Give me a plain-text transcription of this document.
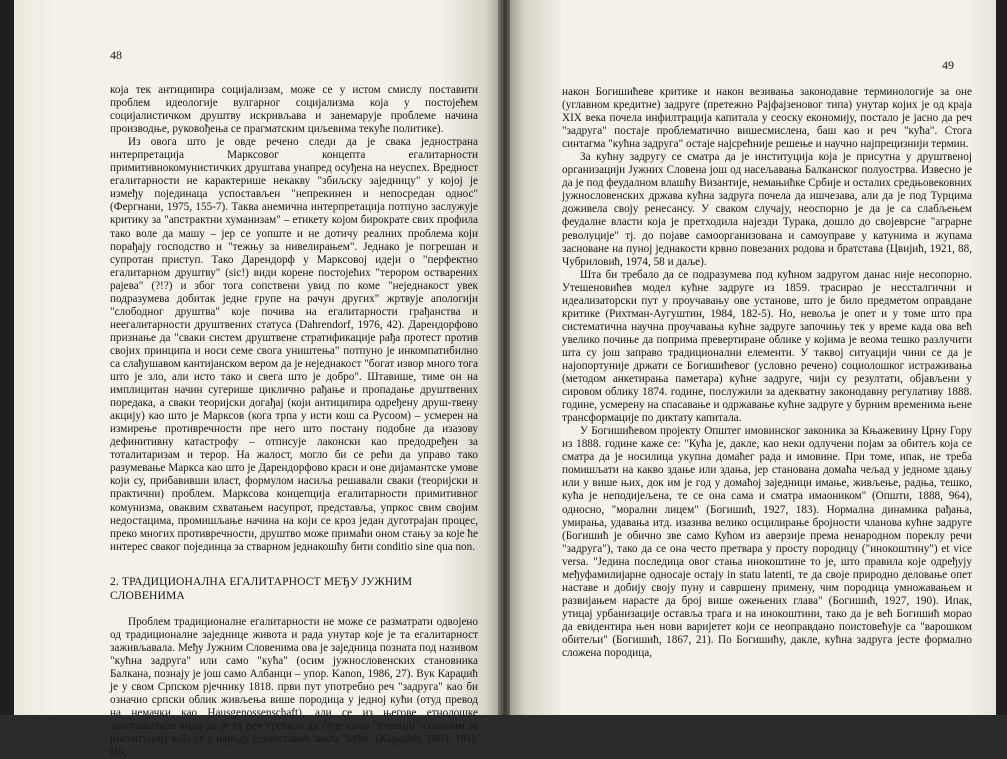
48

која тек антиципира социјализам, може се у истом смислу поставити проблем идеологије вулгарног социјализма која у постојећем социјалистичком друштву искривљава и занемарује проблеме начина производње, руковођења се прагматским циљевима текуће политике).

Из овога што је овде речено следи да је свака једнострана интерпретација Марксовог концепта егалитарности примитивнокомунистичких друштава унапред осуђена на неуспех. Вредност егалитарности не карактерише некакву "збиљску заједницу" у којој је између појединаца успостављен "непрекинен и непосредан однос" (Фергнани, 1975, 155-7). Таква анемична интерпретација потпуно заслужује критику за "апстрактни хуманизам" – етикету којом бирократе свих профила тако воле да машу – јер се уопште и не дотичу реалних проблема који порађају господство и "тежњу за нивелирањем". Једнако је погрешан и супротан приступ. Тако Дарендорф у Марксовој идеји о "перфектно егалитарном друштву" (sic!) види корене постојећих "терором остварених рајева" (?!?) и због тога сопствени увид по коме "неједнакост увек подразумева добитак једне групе на рачун других" жртвује апологији "слободног друштва" које почива на егалитарности грађанства и неегалитарности друштвених статуса (Dahrendorf, 1976, 42). Дарендорфово признање да "сваки систем друштвене стратификације рађа протест против својих принципа и носи семе свога уништења" потпуно је инкомпатибилно са слађушавом кантијанском вером да је неједнакост "богат извор много тога што је зло, али исто тако и свега што је добро". Штавише, тиме он на имплицитан начин сугерише циклично рађање и пропадање друштвених поредака, а сваки теоријски догађај (који антиципира одређену друш-твену акцију) као што је Марксов (кога трпа у исти кош са Русоом) – усмерен на измирење противречности пре него што постану подобне да изазову дефинитивну катастрофу – отписује лаконски као предодређен за тоталитаризам и терор. На жалост, могло би се рећи да управо тако разумевање Маркса као што је Дарендорфово краси и оне дијамантске умове који су, прибавивши власт, формулом насиља решавали сваки (теоријски и практични) проблем. Марксова концепција егалитарности примитивног комунизма, оваквим схватањем насупрот, представља, упркос свим својим недостацима, промишљање начина на који се кроз један дуготрајан процес, преко многих противречности, друштво може примаћи оном стању за које ће интерес сваког појединца за стварном једнакошћу бити conditio sine qua non.

2. ТРАДИЦИОНАЛНА ЕГАЛИТАРНОСТ МЕЂУ ЈУЖНИМ СЛОВЕНИМА

Проблем традиционалне егалитарности не може се разматрати одвојено од традиционалне заједнице живота и рада унутар које је та егалитарност заживљавала. Међу Јужним Словенима ова је заједница позната под називом "кућна задруга" или само "кућа" (осим јужнословенских становника Балкана, познају је још само Албанци – упор. Kanon, 1986, 27). Вук Караџић је у свом Српском рјечнику 1818. први пут употребио реч "задруга" као би означио српски облик живљења више породица у једној кући (отуд превод на немачки као Hausgenossenschaft), али се из његове етнолошке заоставштине види да је та реч требало да буде само "ученији" синоним за институцију која се у народу једноставно звала "кућа" (Караџић, 1969, 191). Но,

49

након Богишићеве критике и након везивања законодавне терминологије за оне (углавном кредитне) задруге (претежно Рајфајзеновог типа) унутар којих је од краја XIX века почела инфилтрација капитала у сеоску економију, постало је јасно да реч "задруга" постаје проблематично вишесмислена, баш као и реч "кућа". Стога синтагма "кућна задруга" остаје најсрећније решење и научно најпрецизнији термин.

За кућну задругу се сматра да је институција која је присутна у друштвеној организацији Јужних Словена још од насељавања Балканског полуострва. Извесно је да је под феудалном влашћу Византије, немањићке Србије и осталих средњовековних јужнословенских држава кућна задруга почела да ишчезава, али да је под Турцима доживела своју ренесансу. У сваком случају, неоспорно је да је са слабљењем феудалне власти која је претходила најезди Турака, дошло до својеврсне "аграрне револуције" тј. до појаве самоорганизована и самоуправе у катунима и жупама заснованe на пуној једнакости крвно повезаних родова и братстава (Цвијић, 1921, 88, Чубриловић, 1974, 58 и даље).

Шта би требало да се подразумева под кућном задругом данас није несопорно. Утешеновићев модел кућне задруге из 1859. трасирао је нессталгични и идеализаторски пут у проучавању ове установе, што је било предметом оправдане критике (Рихтман-Аугуштин, 1984, 182-5). Но, невоља је опет и у томе што пра систематична научна проучавања кућне задруге започињу тек у време када ова већ увелико почиње да поприма превертиране облике у којима је веома тешко разлучити шта су још заправо традиционални елементи. У таквој ситуацији чини се да је најопортуније држати се Богишићевог (условно речено) социолошког истраживања (методом анкетирања паметара) кућне задруге, чији су резултати, објављени у сировом облику 1874. године, послужили за адекватну законодавну регулативу 1888. године, усмерену на спасавање и одржавање кућне задруге у бурним временима њене трансформације по диктату капитала.

У Богишићевом пројекту Општег имовинског законика за Књажевину Црну Гору из 1888. године каже се: "Кућа је, дакле, као неки одлучени појам за обитељ која се сматра да је носилица укупна домаћег рада и имовине. При томе, ипак, не треба помишљати на какво здање или здања, јер станована домаћа чељад у једноме здању или у више њих, док им је год у домаћој заједници имање, живљење, радња, тешко, кућа је неподијељена, те се она сама и сматра имаоником" (Општи, 1888, 964), односно, "морални лицем" (Богишић, 1927, 183). Нормална динамика рађања, умирања, удавања итд. изазива велико осцилирање бројности чланова кућне задруге (Богишић је обично звe само Кућом из аверзије према ненародном пореклу речи "задруга"), тако да се она често претвара у просту породицу ("инокоштину") et vice versa. "Једина последица овог стања инокоштине то је, што правила које одређују међуфамилијарне односаје остају in statu latenti, те да своје природно деловање опет наставе и добију своју пуну и савршену примену, чим породица умножавањем и развијањем нарасте да број више ожењених глава" (Богишић, 1927, 190). Ипак, утицај урбанизације оставља трага и на инокоштини, тако да је већ Богишић морао да евидентира њен нови варијетет који се неоправдано поистовећује са "варошком обитељи" (Богишић, 1867, 21). По Богишићу, дакле, кућна задруга јесте формално сложена породица,
